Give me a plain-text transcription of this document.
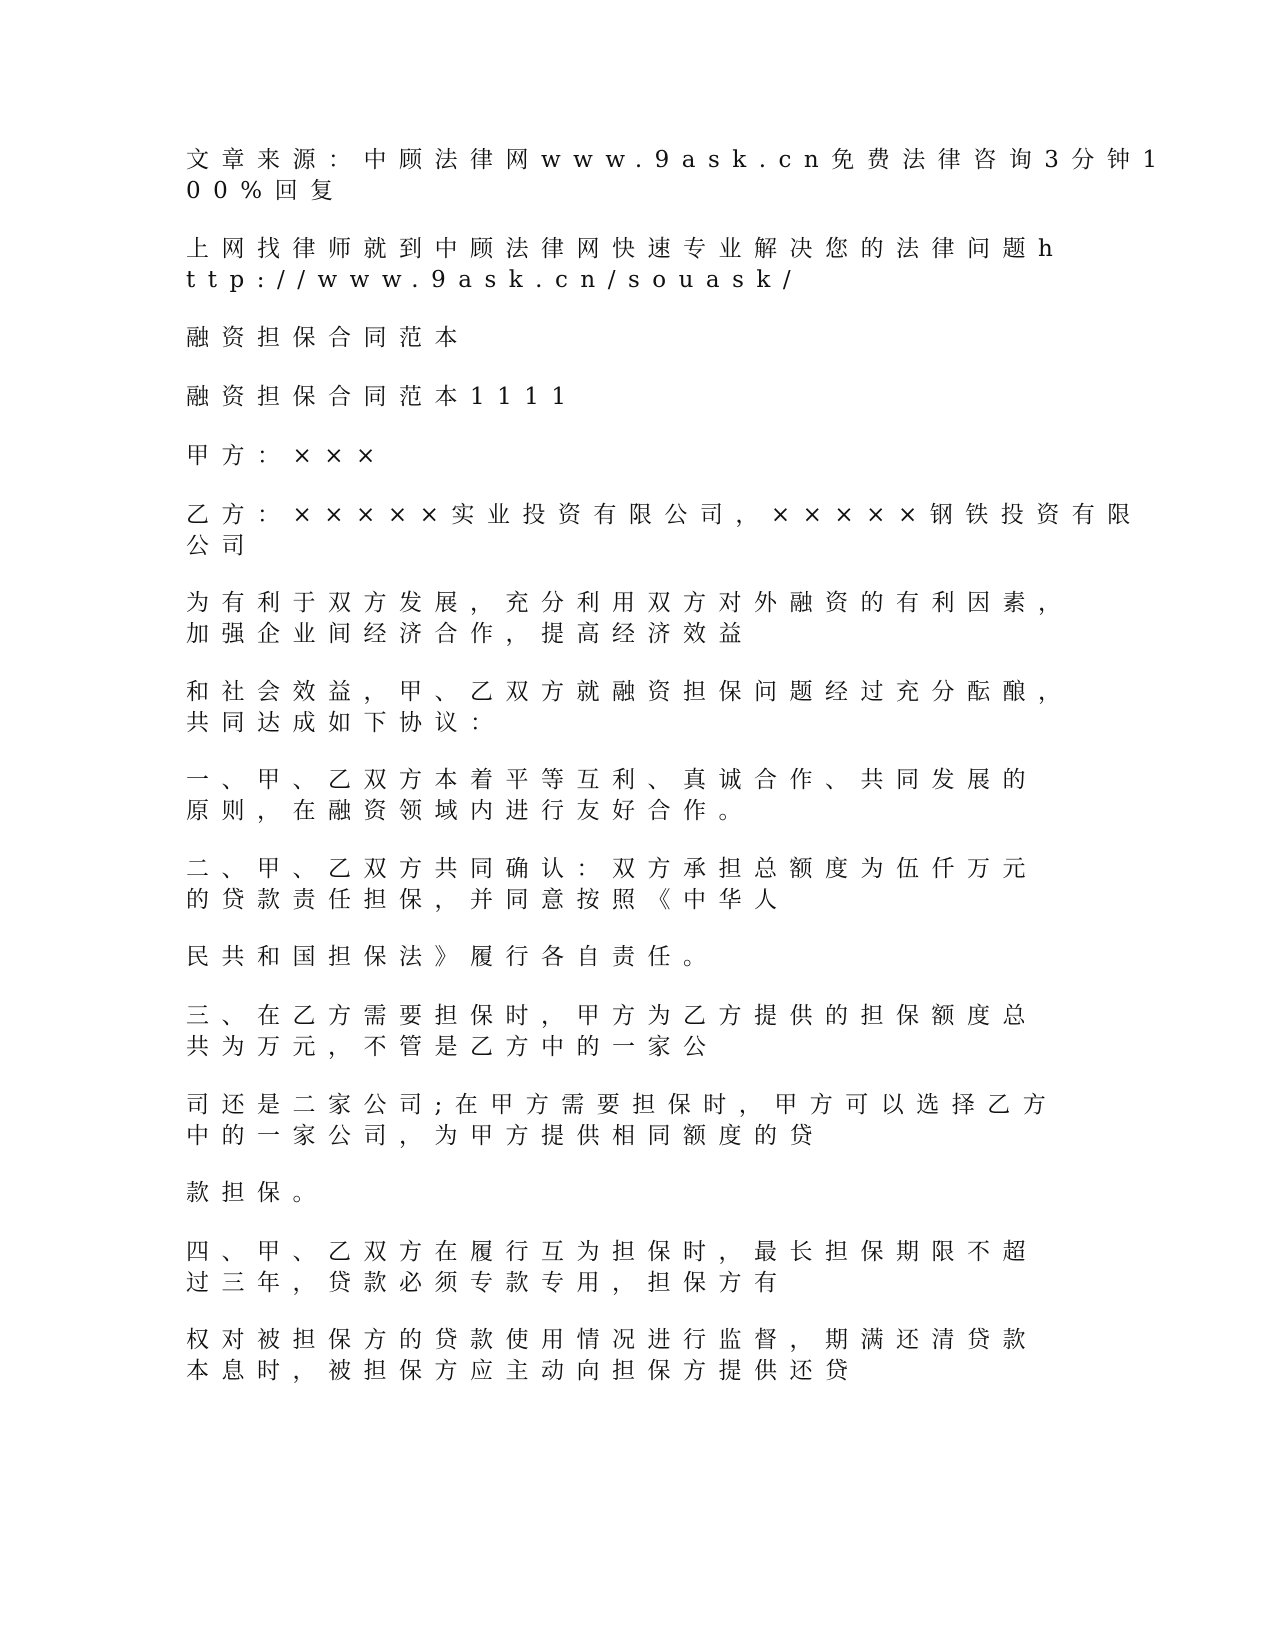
文章来源：中顾法律网www.9ask.cn免费法律咨询3分钟1
00%回复

上网找律师就到中顾法律网快速专业解决您的法律问题h
ttp://www.9ask.cn/souask/

融资担保合同范本

融资担保合同范本1111

甲方：×××

乙方：×××××实业投资有限公司，×××××钢铁投资有限
公司

为有利于双方发展，充分利用双方对外融资的有利因素，
加强企业间经济合作，提高经济效益

和社会效益，甲、乙双方就融资担保问题经过充分酝酿，
共同达成如下协议：

一、甲、乙双方本着平等互利、真诚合作、共同发展的
原则，在融资领域内进行友好合作。

二、甲、乙双方共同确认：双方承担总额度为伍仟万元
的贷款责任担保，并同意按照《中华人

民共和国担保法》履行各自责任。

三、在乙方需要担保时，甲方为乙方提供的担保额度总
共为万元，不管是乙方中的一家公

司还是二家公司;在甲方需要担保时，甲方可以选择乙方
中的一家公司，为甲方提供相同额度的贷

款担保。

四、甲、乙双方在履行互为担保时，最长担保期限不超
过三年，贷款必须专款专用，担保方有

权对被担保方的贷款使用情况进行监督，期满还清贷款
本息时，被担保方应主动向担保方提供还贷
